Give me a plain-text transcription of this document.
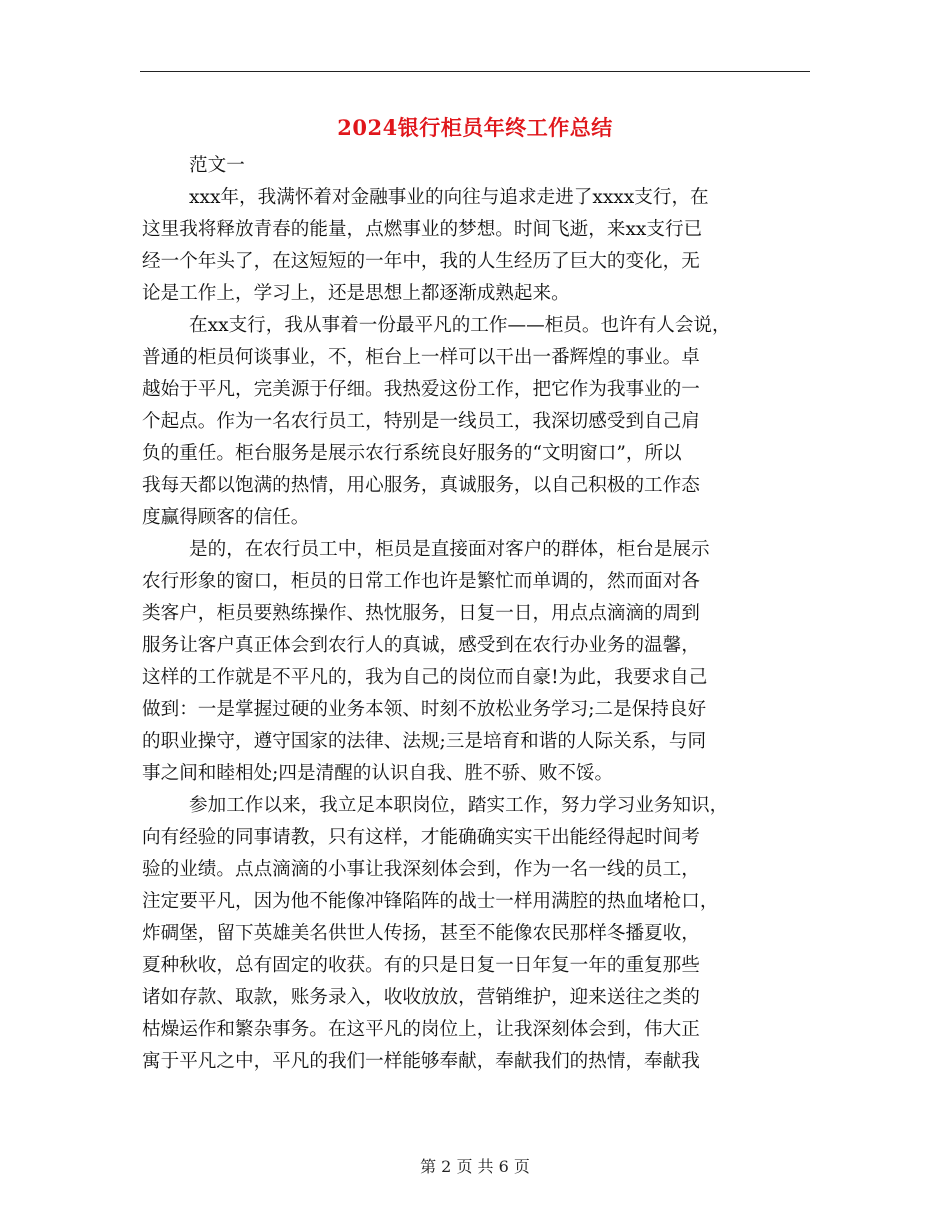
2024银行柜员年终工作总结
范文一
xxx年，我满怀着对金融事业的向往与追求走进了xxxx支行，在
这里我将释放青春的能量，点燃事业的梦想。时间飞逝，来xx支行已
经一个年头了，在这短短的一年中，我的人生经历了巨大的变化，无
论是工作上，学习上，还是思想上都逐渐成熟起来。
在xx支行，我从事着一份最平凡的工作——柜员。也许有人会说，
普通的柜员何谈事业，不，柜台上一样可以干出一番辉煌的事业。卓
越始于平凡，完美源于仔细。我热爱这份工作，把它作为我事业的一
个起点。作为一名农行员工，特别是一线员工，我深切感受到自己肩
负的重任。柜台服务是展示农行系统良好服务的“文明窗口”，所以
我每天都以饱满的热情，用心服务，真诚服务，以自己积极的工作态
度赢得顾客的信任。
是的，在农行员工中，柜员是直接面对客户的群体，柜台是展示
农行形象的窗口，柜员的日常工作也许是繁忙而单调的，然而面对各
类客户，柜员要熟练操作、热忱服务，日复一日，用点点滴滴的周到
服务让客户真正体会到农行人的真诚，感受到在农行办业务的温馨，
这样的工作就是不平凡的，我为自己的岗位而自豪!为此，我要求自己
做到：一是掌握过硬的业务本领、时刻不放松业务学习;二是保持良好
的职业操守，遵守国家的法律、法规;三是培育和谐的人际关系，与同
事之间和睦相处;四是清醒的认识自我、胜不骄、败不馁。
参加工作以来，我立足本职岗位，踏实工作，努力学习业务知识，
向有经验的同事请教，只有这样，才能确确实实干出能经得起时间考
验的业绩。点点滴滴的小事让我深刻体会到，作为一名一线的员工，
注定要平凡，因为他不能像冲锋陷阵的战士一样用满腔的热血堵枪口，
炸碉堡，留下英雄美名供世人传扬，甚至不能像农民那样冬播夏收，
夏种秋收，总有固定的收获。有的只是日复一日年复一年的重复那些
诸如存款、取款，账务录入，收收放放，营销维护，迎来送往之类的
枯燥运作和繁杂事务。在这平凡的岗位上，让我深刻体会到，伟大正
寓于平凡之中，平凡的我们一样能够奉献，奉献我们的热情，奉献我
第 2 页 共 6 页
